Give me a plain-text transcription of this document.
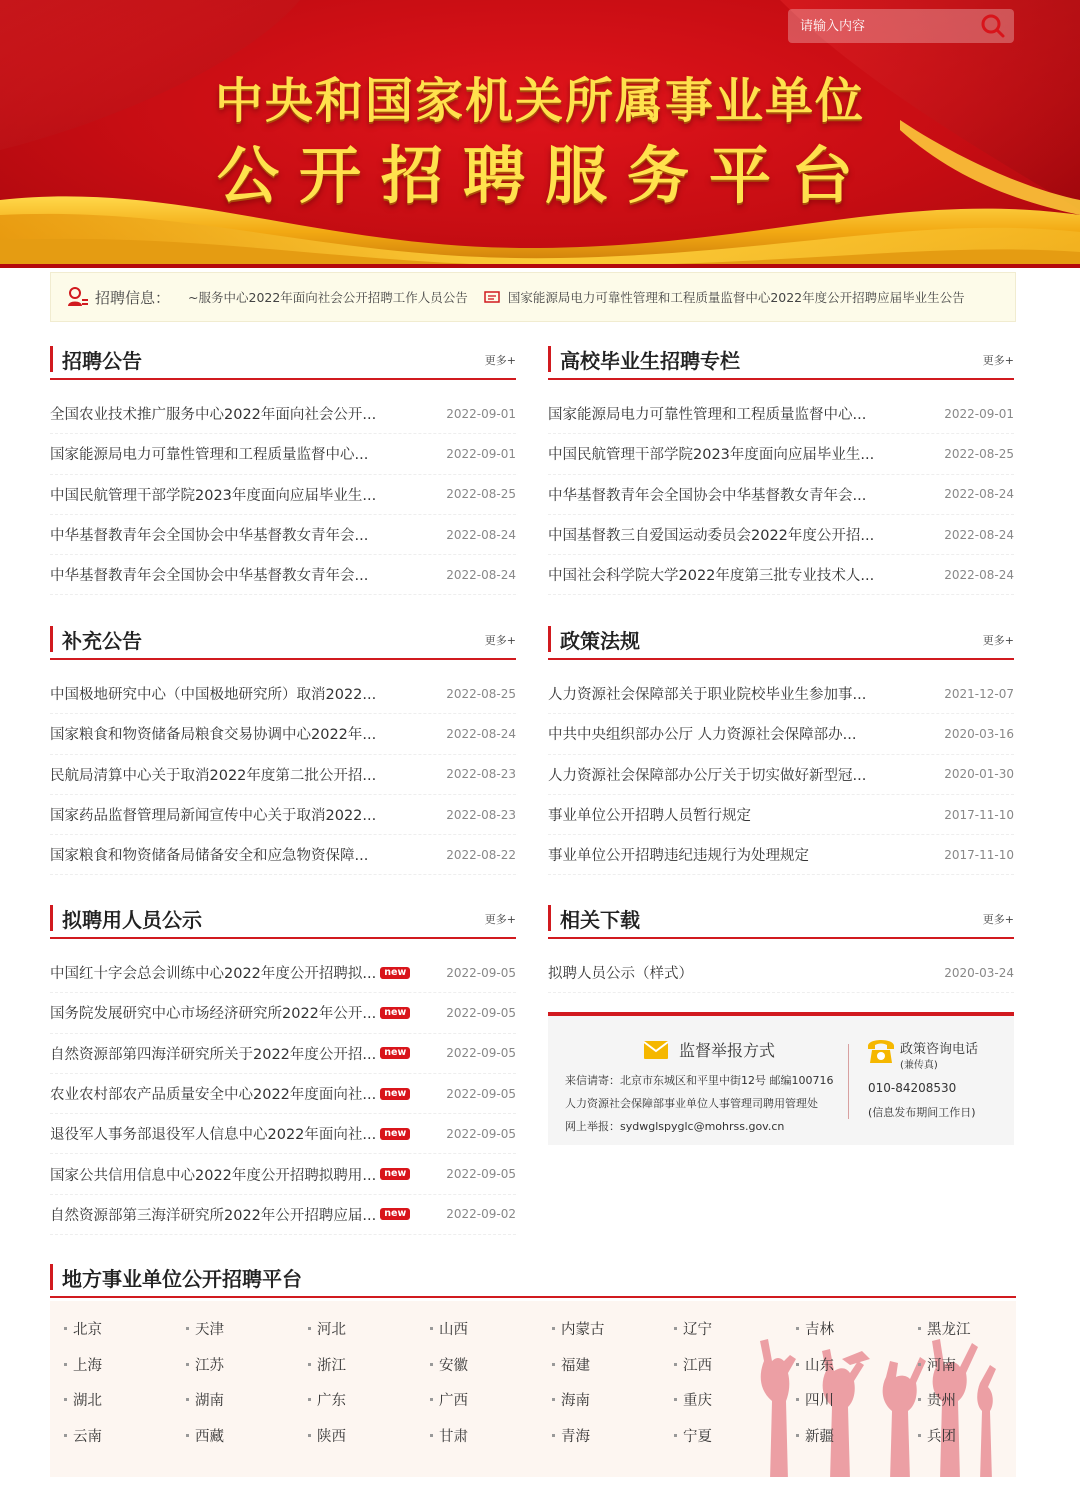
中央和国家机关所属事业单位
公开招聘服务平台
请输入内容
招聘信息： ~服务中心2022年面向社会公开招聘工作人员公告	国家能源局电力可靠性管理和工程质量监督中心2022年度公开招聘应届毕业生公告
招聘公告	更多+
全国农业技术推广服务中心2022年面向社会公开...	2022-09-01
国家能源局电力可靠性管理和工程质量监督中心...	2022-09-01
中国民航管理干部学院2023年度面向应届毕业生...	2022-08-25
中华基督教青年会全国协会中华基督教女青年会...	2022-08-24
中华基督教青年会全国协会中华基督教女青年会...	2022-08-24
高校毕业生招聘专栏	更多+
国家能源局电力可靠性管理和工程质量监督中心...	2022-09-01
中国民航管理干部学院2023年度面向应届毕业生...	2022-08-25
中华基督教青年会全国协会中华基督教女青年会...	2022-08-24
中国基督教三自爱国运动委员会2022年度公开招...	2022-08-24
中国社会科学院大学2022年度第三批专业技术人...	2022-08-24
补充公告	更多+
中国极地研究中心（中国极地研究所）取消2022...	2022-08-25
国家粮食和物资储备局粮食交易协调中心2022年...	2022-08-24
民航局清算中心关于取消2022年度第二批公开招...	2022-08-23
国家药品监督管理局新闻宣传中心关于取消2022...	2022-08-23
国家粮食和物资储备局储备安全和应急物资保障...	2022-08-22
政策法规	更多+
人力资源社会保障部关于职业院校毕业生参加事...	2021-12-07
中共中央组织部办公厅 人力资源社会保障部办...	2020-03-16
人力资源社会保障部办公厅关于切实做好新型冠...	2020-01-30
事业单位公开招聘人员暂行规定	2017-11-10
事业单位公开招聘违纪违规行为处理规定	2017-11-10
拟聘用人员公示	更多+
中国红十字会总会训练中心2022年度公开招聘拟... new	2022-09-05
国务院发展研究中心市场经济研究所2022年公开... new	2022-09-05
自然资源部第四海洋研究所关于2022年度公开招... new	2022-09-05
农业农村部农产品质量安全中心2022年度面向社... new	2022-09-05
退役军人事务部退役军人信息中心2022年面向社... new	2022-09-05
国家公共信用信息中心2022年度公开招聘拟聘用... new	2022-09-05
自然资源部第三海洋研究所2022年公开招聘应届... new	2022-09-02
相关下载	更多+
拟聘人员公示（样式）	2020-03-24
监督举报方式
来信请寄：北京市东城区和平里中街12号 邮编100716
人力资源社会保障部事业单位人事管理司聘用管理处
网上举报：sydwglspyglc@mohrss.gov.cn
政策咨询电话
(兼传真)
010-84208530
(信息发布期间工作日)
地方事业单位公开招聘平台
北京	天津	河北	山西	内蒙古	辽宁	吉林	黑龙江
上海	江苏	浙江	安徽	福建	江西	山东	河南
湖北	湖南	广东	广西	海南	重庆	四川	贵州
云南	西藏	陕西	甘肃	青海	宁夏	新疆	兵团
